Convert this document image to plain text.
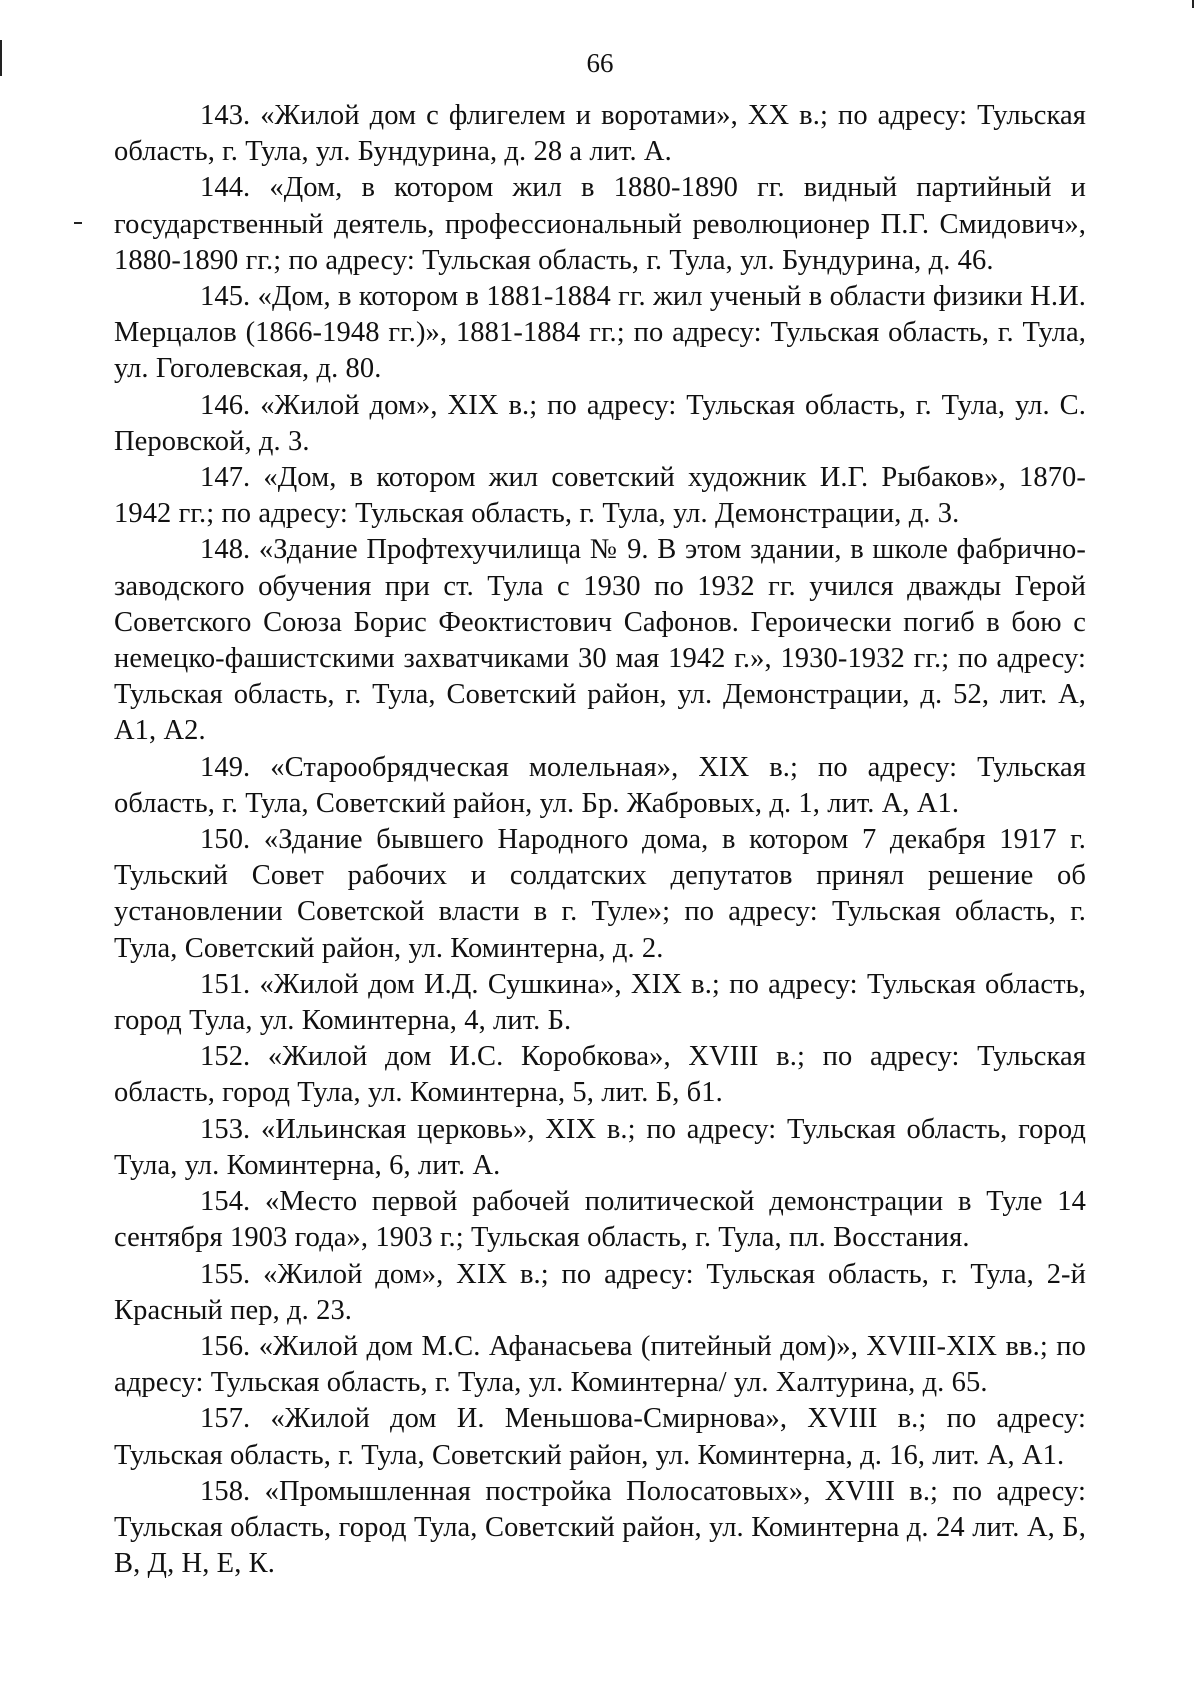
66

143. «Жилой дом с флигелем и воротами», XX в.; по адресу: Тульская область, г. Тула, ул. Бундурина, д. 28 а лит. А.

144. «Дом, в котором жил в 1880-1890 гг. видный партийный и государственный деятель, профессиональный революционер П.Г. Смидович», 1880-1890 гг.; по адресу: Тульская область, г. Тула, ул. Бундурина, д. 46.

145. «Дом, в котором в 1881-1884 гг. жил ученый в области физики Н.И. Мерцалов (1866-1948 гг.)», 1881-1884 гг.; по адресу: Тульская область, г. Тула, ул. Гоголевская, д. 80.

146. «Жилой дом», XIX в.; по адресу: Тульская область, г. Тула, ул. С. Перовской, д. 3.

147. «Дом, в котором жил советский художник И.Г. Рыбаков», 1870-1942 гг.; по адресу: Тульская область, г. Тула, ул. Демонстрации, д. 3.

148. «Здание Профтехучилища № 9. В этом здании, в школе фабрично-заводского обучения при ст. Тула с 1930 по 1932 гг. учился дважды Герой Советского Союза Борис Феоктистович Сафонов. Героически погиб в бою с немецко-фашистскими захватчиками 30 мая 1942 г.», 1930-1932 гг.; по адресу: Тульская область, г. Тула, Советский район, ул. Демонстрации, д. 52, лит. А, А1, А2.

149. «Старообрядческая молельная», XIX в.; по адресу: Тульская область, г. Тула, Советский район, ул. Бр. Жабровых, д. 1, лит. А, А1.

150. «Здание бывшего Народного дома, в котором 7 декабря 1917 г. Тульский Совет рабочих и солдатских депутатов принял решение об установлении Советской власти в г. Туле»; по адресу: Тульская область, г. Тула, Советский район, ул. Коминтерна, д. 2.

151. «Жилой дом И.Д. Сушкина», XIX в.; по адресу: Тульская область, город Тула, ул. Коминтерна, 4, лит. Б.

152. «Жилой дом И.С. Коробкова», XVIII в.; по адресу: Тульская область, город Тула, ул. Коминтерна, 5, лит. Б, б1.

153. «Ильинская церковь», XIX в.; по адресу: Тульская область, город Тула, ул. Коминтерна, 6, лит. А.

154. «Место первой рабочей политической демонстрации в Туле 14 сентября 1903 года», 1903 г.; Тульская область, г. Тула, пл. Восстания.

155. «Жилой дом», XIX в.; по адресу: Тульская область, г. Тула, 2-й Красный пер, д. 23.

156. «Жилой дом М.С. Афанасьева (питейный дом)», XVIII-XIX вв.; по адресу: Тульская область, г. Тула, ул. Коминтерна/ ул. Халтурина, д. 65.

157. «Жилой дом И. Меньшова-Смирнова», XVIII в.; по адресу: Тульская область, г. Тула, Советский район, ул. Коминтерна, д. 16, лит. А, А1.

158. «Промышленная постройка Полосатовых», XVIII в.; по адресу: Тульская область, город Тула, Советский район, ул. Коминтерна д. 24 лит. А, Б, В, Д, Н, Е, К.
